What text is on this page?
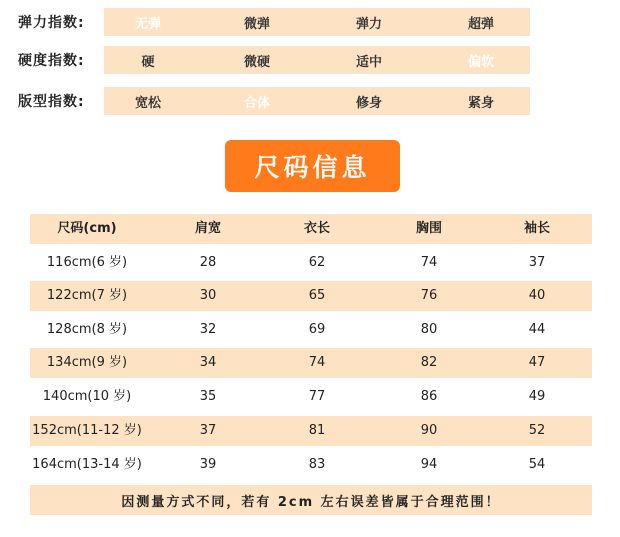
弹力指数:	无弹	微弹	弹力	超弹
硬度指数:	硬	微硬	适中	偏软
版型指数:	宽松	合体	修身	紧身
尺码信息
尺码(cm)	肩宽	衣长	胸围	袖长
116cm(6 岁)	28	62	74	37
122cm(7 岁)	30	65	76	40
128cm(8 岁)	32	69	80	44
134cm(9 岁)	34	74	82	47
140cm(10 岁)	35	77	86	49
152cm(11-12 岁)	37	81	90	52
164cm(13-14 岁)	39	83	94	54
因测量方式不同，若有 2cm 左右误差皆属于合理范围！
